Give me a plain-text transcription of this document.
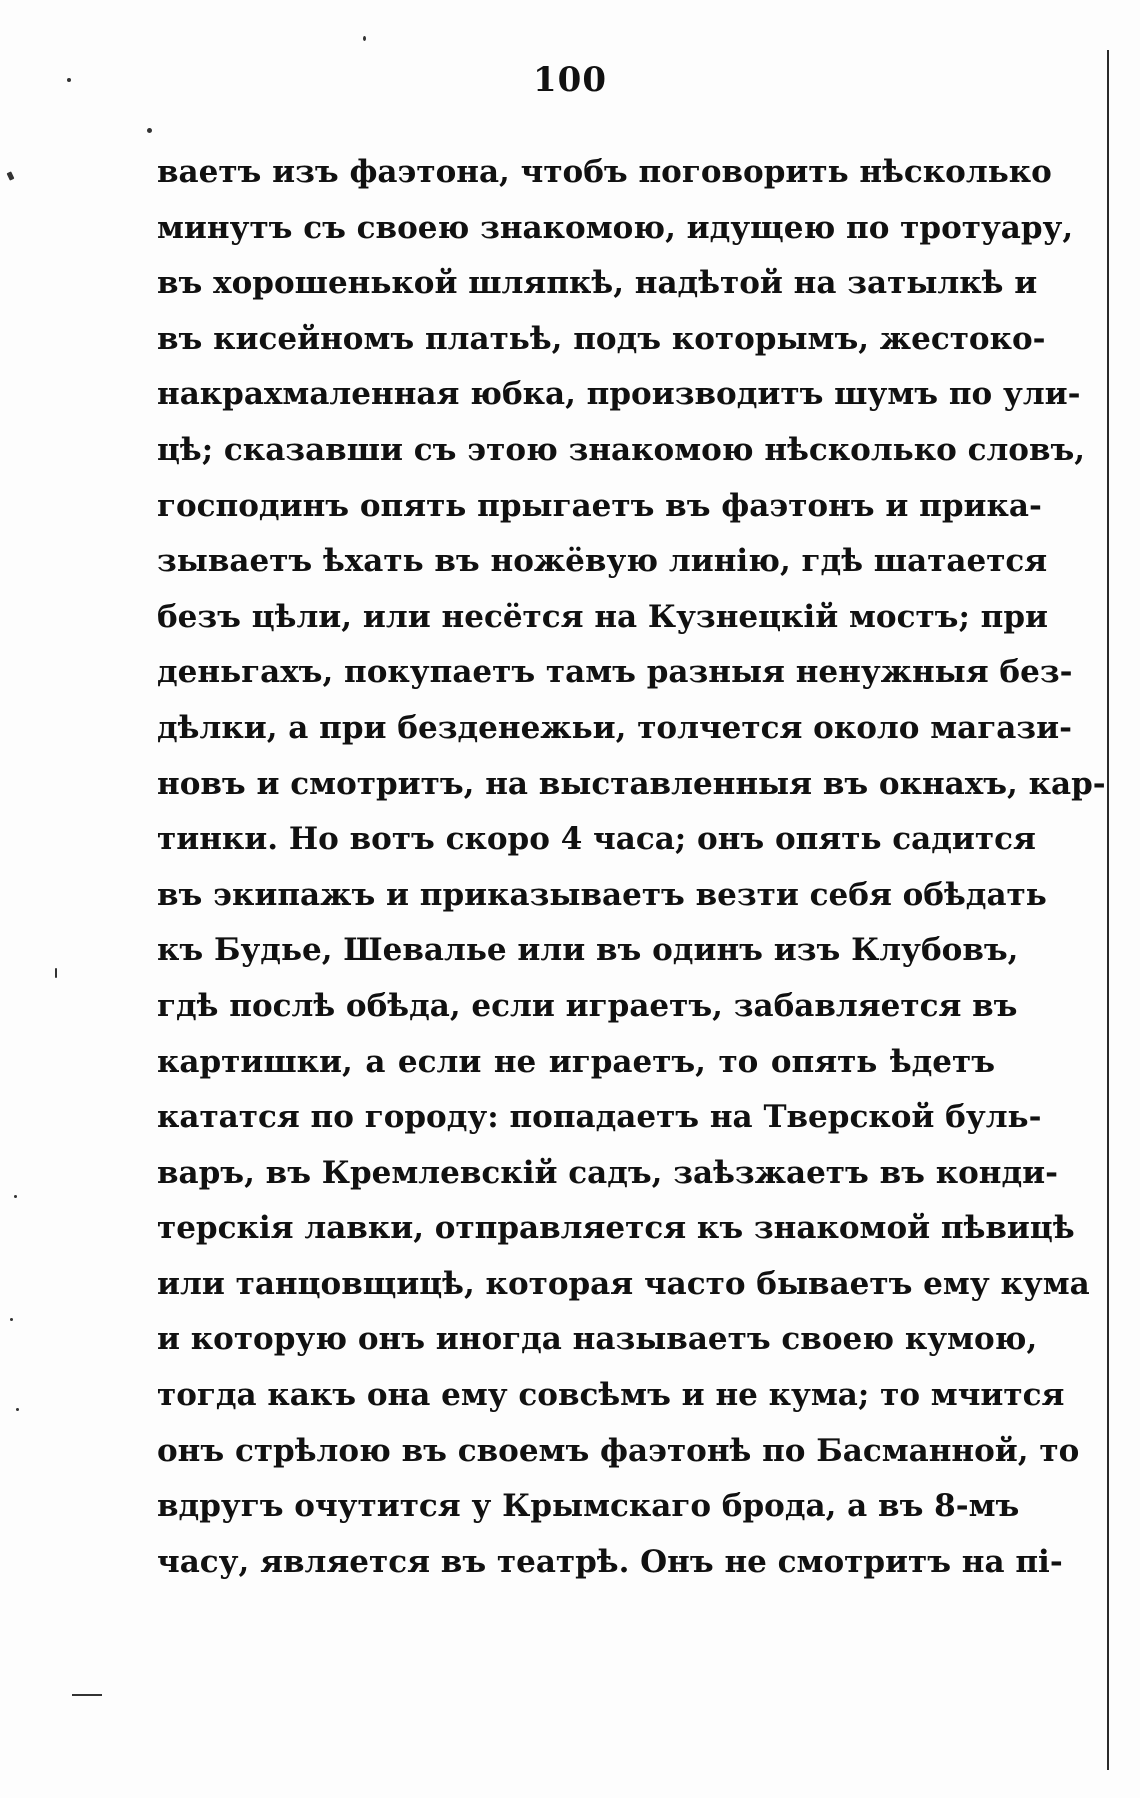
100
ваетъ изъ фаэтона, чтобъ поговорить нѣсколько
минутъ съ своею знакомою, идущею по тротуару,
въ хорошенькой шляпкѣ, надѣтой на затылкѣ и
въ кисейномъ платьѣ, подъ которымъ, жестоко-
накрахмаленная юбка, производитъ шумъ по ули-
цѣ; сказавши съ этою знакомою нѣсколько словъ,
господинъ опять прыгаетъ въ фаэтонъ и прика-
зываетъ ѣхать въ ножёвую линію, гдѣ шатается
безъ цѣли, или несётся на Кузнецкій мостъ; при
деньгахъ, покупаетъ тамъ разныя ненужныя без-
дѣлки, а при безденежьи, толчется около магази-
новъ и смотритъ, на выставленныя въ окнахъ, кар-
тинки. Но вотъ скоро 4 часа; онъ опять садится
въ экипажъ и приказываетъ везти себя обѣдать
къ Будье, Шевалье или въ одинъ изъ Клубовъ,
гдѣ послѣ обѣда, если играетъ, забавляется въ
картишки, а если не играетъ, то опять ѣдетъ
кататся по городу: попадаетъ на Тверской буль-
варъ, въ Кремлевскій садъ, заѣзжаетъ въ конди-
терскія лавки, отправляется къ знакомой пѣвицѣ
или танцовщицѣ, которая часто бываетъ ему кума
и которую онъ иногда называетъ своею кумою,
тогда какъ она ему совсѣмъ и не кума; то мчится
онъ стрѣлою въ своемъ фаэтонѣ по Басманной, то
вдругъ очутится у Крымскаго брода, а въ 8-мъ
часу, является въ театрѣ. Онъ не смотритъ на пі-
